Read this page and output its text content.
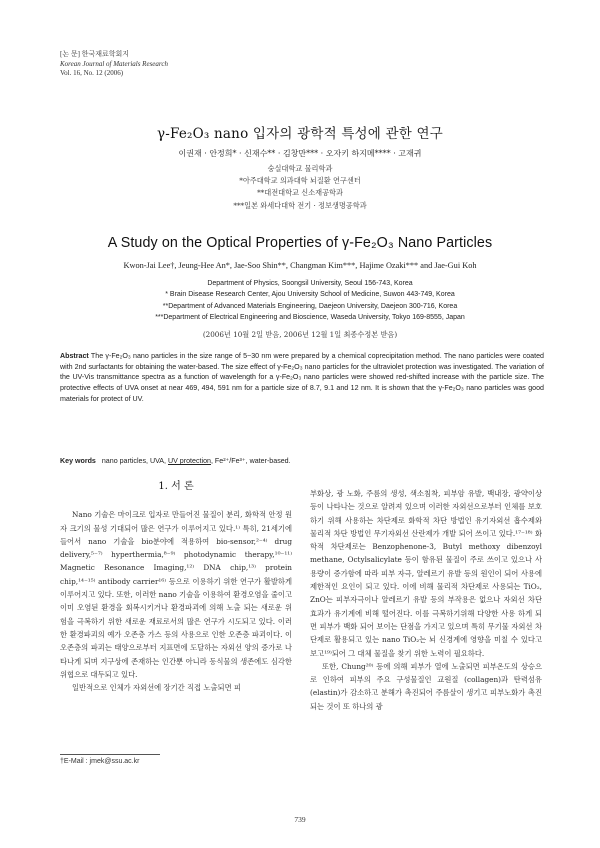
[논 문] 한국재료학회지
Korean Journal of Materials Research
Vol. 16, No. 12 (2006)
γ-Fe₂O₃ nano 입자의 광학적 특성에 관한 연구
이권재 · 안정희* · 신재수** · 김창만*** · 오자키 하지메**** · 고재귀
숭실대학교 물리학과
*아주대학교 의과대학 뇌질환 연구센터
**대전대학교 신소재공학과
***일본 와세다대학 전기 · 정보생명공학과
A Study on the Optical Properties of γ-Fe₂O₃ Nano Particles
Kwon-Jai Lee†, Jeung-Hee An*, Jae-Soo Shin**, Changman Kim***, Hajime Ozaki*** and Jae-Gui Koh
Department of Physics, Soongsil University, Seoul 156-743, Korea
* Brain Disease Research Center, Ajou University School of Medicine, Suwon 443-749, Korea
**Department of Advanced Materials Engineering, Daejeon University, Daejeon 300-716, Korea
***Department of Electrical Engineering and Bioscience, Waseda University, Tokyo 169-8555, Japan
(2006년 10월 2일 받음, 2006년 12월 1일 최종수정본 받음)
Abstract The γ-Fe₂O₃ nano particles in the size range of 5~30 nm were prepared by a chemical coprecipitation method. The nano particles were coated with 2nd surfactants for obtaining the water-based. The size effect of γ-Fe₂O₃ nano particles for the ultraviolet protection was investigated. The variation of the UV-Vis transmittance spectra as a function of wavelength for a γ-Fe₂O₃ nano particles were showed red-shifted increase with the particle size. The protective effects of UVA onset at near 469, 494, 591 nm for a particle size of 8.7, 9.1 and 12 nm. It is shown that the γ-Fe₂O₃ nano particles was good materials for protect of UV.
Key words nano particles, UVA, UV protection, Fe²⁺/Fe³⁺, water-based.
1. 서 론

Nano 기술은 마이크로 입자로 만들어진 물질이 분리, 화학적 안정 원자 크기의 물성 기대되어 많은 연구가 이루어지고 있다.¹⁾ 특히, 21세기에 들어서 nano 기술을 bio분야에 적용하여 bio-sensor,²⁻⁴⁾ drug delivery,⁵⁻⁷⁾ hyperthermia,⁸⁻⁹⁾ photodynamic therapy,¹⁰⁻¹¹⁾ Magnetic Resonance Imaging,¹²⁾ DNA chip,¹³⁾ protein chip,¹⁴⁻¹⁵⁾ antibody carrier¹⁶⁾ 등으로 이용하기 위한 연구가 활발하게 이루어지고 있다. 또한, 이러한 nano 기술을 이용하여 환경오염을 줄이고 이미 오염된 환경을 회복시키거나 환경파괴에 의해 노출 되는 새로운 위험을 극복하기 위한 새로운 재료로서의 많은 연구가 시도되고 있다. 이러한 환경파괴의 예가 오존층 가스 등의 사용으로 인한 오존층 파괴이다. 이 오존층의 파괴는 태양으로부터 지표면에 도달하는 자외선 양의 증가로 나타나게 되며 지구상에 존재하는 인간뿐 아니라 동식물의 생존에도 심각한 위협으로 대두되고 있다.

일반적으로 인체가 자외선에 장기간 직접 노출되면 피

부화상, 광 노화, 주름의 생성, 색소침착, 피부암 유발, 백내장, 광약이상 등이 나타나는 것으로 알려져 있으며 이러한 자외선으로부터 인체를 보호하기 위해 사용하는 차단제로 화학적 차단 방법인 유기자외선 흡수제와 물리적 차단 방법인 무기자외선 산란제가 개발 되어 쓰이고 있다.¹⁷⁻¹⁸⁾ 화학적 차단제로는 Benzophenone-3, Butyl methoxy dibenzoyl methane, Octylsalicylate 등이 함유된 물질이 주로 쓰이고 있으나 사용량이 증가함에 따라 피부 자극, 알레르기 유발 등의 원인이 되어 사용에 제한적인 요인이 되고 있다. 이에 비해 물리적 차단제로 사용되는 TiO₂, ZnO는 피부자극이나 알레르기 유발 등의 부작용은 없으나 자외선 차단 효과가 유기계에 비해 떨어진다. 이를 극복하기위해 다양한 사용 하게 되면 피부가 백화 되어 보이는 단점을 가지고 있으며 특히 무기물 자외선 차단제로 활용되고 있는 nano TiO₂는 뇌 신경계에 영향을 미칠 수 있다고 보고¹⁹⁾되어 그 대체 물질을 찾기 위한 노력이 필요하다.

또한, Chung²⁰⁾ 등에 의해 피부가 열에 노출되면 피부온도의 상승으로 인하여 피부의 주요 구성물질인 교원질 (collagen)과 탄력섬유(elastin)가 감소하고 분해가 촉진되어 주름살이 생기고 피부노화가 촉진되는 것이 또 하나의 광

†E-Mail : jmek@ssu.ac.kr
739
